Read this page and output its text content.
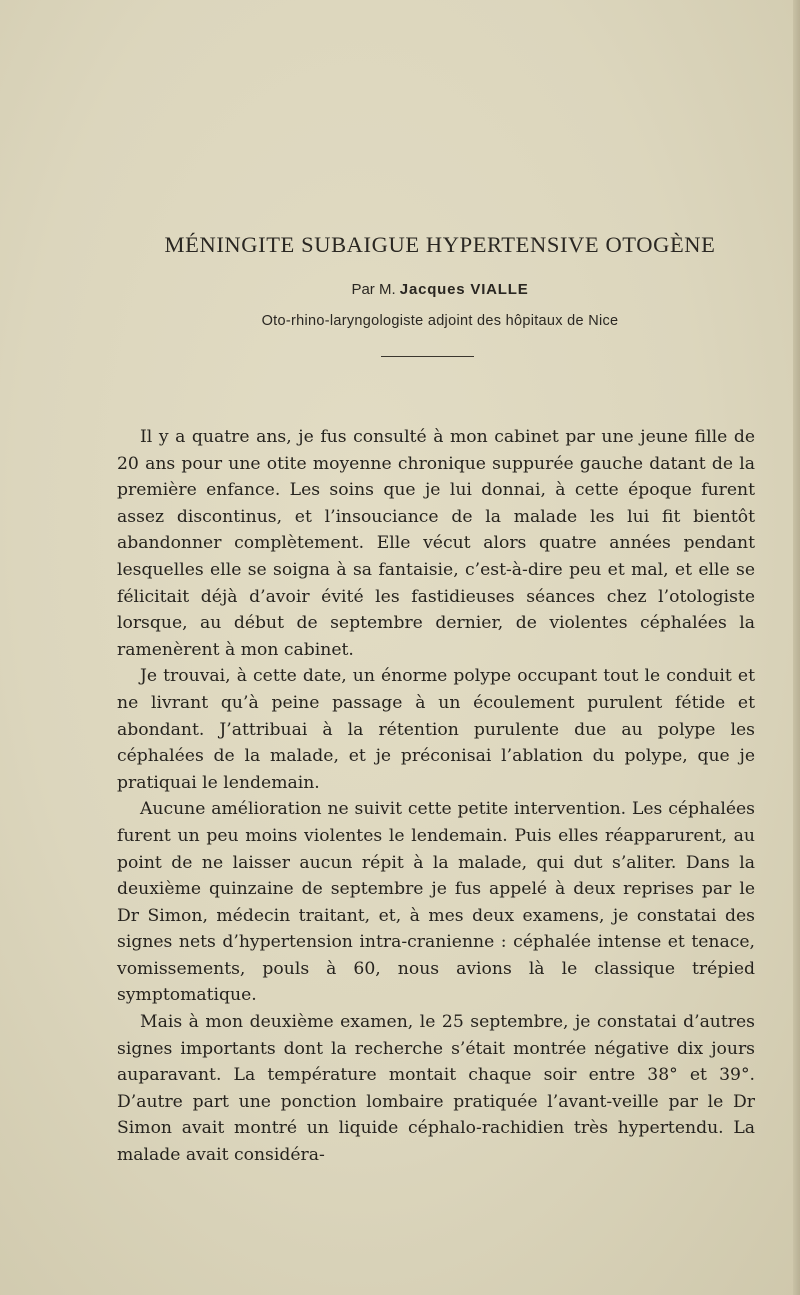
MÉNINGITE SUBAIGUE HYPERTENSIVE OTOGÈNE
Par M. Jacques VIALLE
Oto-rhino-laryngologiste adjoint des hôpitaux de Nice

Il y a quatre ans, je fus consulté à mon cabinet par une jeune fille de 20 ans pour une otite moyenne chronique suppurée gauche datant de la première enfance. Les soins que je lui donnai, à cette époque furent assez discontinus, et l’insouciance de la malade les lui fit bientôt abandonner complètement. Elle vécut alors quatre années pendant lesquelles elle se soigna à sa fantaisie, c’est-à-dire peu et mal, et elle se félicitait déjà d’avoir évité les fastidieuses séances chez l’otologiste lorsque, au début de septembre dernier, de violentes céphalées la ramenèrent à mon cabinet.

Je trouvai, à cette date, un énorme polype occupant tout le conduit et ne livrant qu’à peine passage à un écoulement purulent fétide et abondant. J’attribuai à la rétention purulente due au polype les céphalées de la malade, et je préconisai l’ablation du polype, que je pratiquai le lendemain.

Aucune amélioration ne suivit cette petite intervention. Les céphalées furent un peu moins violentes le lendemain. Puis elles réapparurent, au point de ne laisser aucun répit à la malade, qui dut s’aliter. Dans la deuxième quinzaine de septembre je fus appelé à deux reprises par le Dr Simon, médecin traitant, et, à mes deux examens, je constatai des signes nets d’hypertension intra-cranienne : céphalée intense et tenace, vomissements, pouls à 60, nous avions là le classique trépied symptomatique.

Mais à mon deuxième examen, le 25 septembre, je constatai d’autres signes importants dont la recherche s’était montrée négative dix jours auparavant. La température montait chaque soir entre 38° et 39°. D’autre part une ponction lombaire pratiquée l’avant-veille par le Dr Simon avait montré un liquide céphalo-rachidien très hypertendu. La malade avait considéra-
